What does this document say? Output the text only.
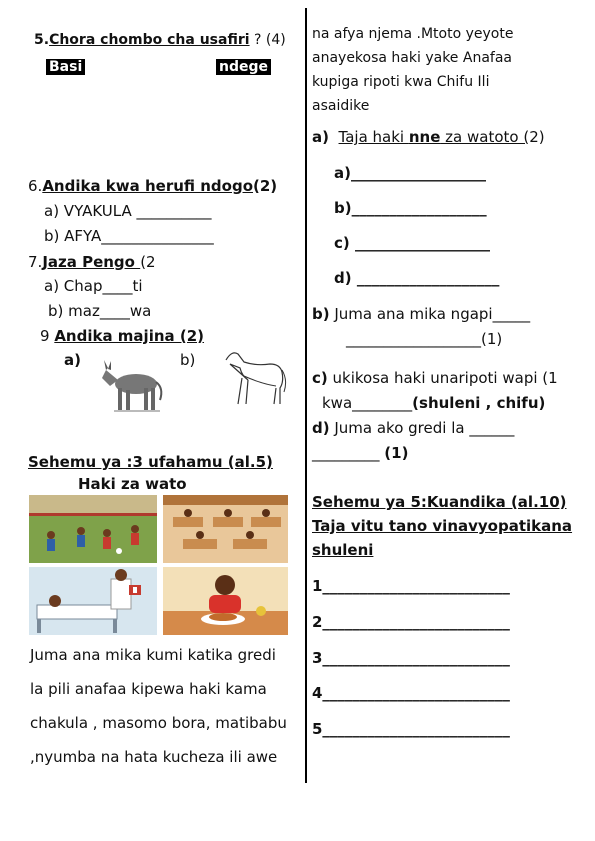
5.Chora chombo cha usafiri ? (4)
Basi	ndege
6.Andika kwa herufi ndogo(2)
a) VYAKULA __________
b) AFYA_______________
7.Jaza Pengo (2
a) Chap____ti
b) maz____wa
9 Andika majina (2)
a)	b)
Sehemu ya :3 ufahamu (al.5)
Haki za wato
Juma ana mika kumi katika gredi
la pili anafaa kipewa haki kama
chakula , masomo bora, matibabu
,nyumba na hata kucheza ili awe
na afya njema .Mtoto yeyote
anayekosa haki yake Anafaa
kupiga ripoti kwa Chifu Ili
asaidike
a) Taja haki nne za watoto (2)
a)__________________
b)__________________
c) __________________
d) ___________________
b) Juma ana mika ngapi_____
__________________(1)
c) ukikosa haki unaripoti wapi (1
kwa________(shuleni , chifu)
d) Juma ako gredi la ______
_________ (1)
Sehemu ya 5:Kuandika (al.10)
Taja vitu tano vinavyopatikana
shuleni
1_________________________
2_________________________
3_________________________
4_________________________
5_________________________
